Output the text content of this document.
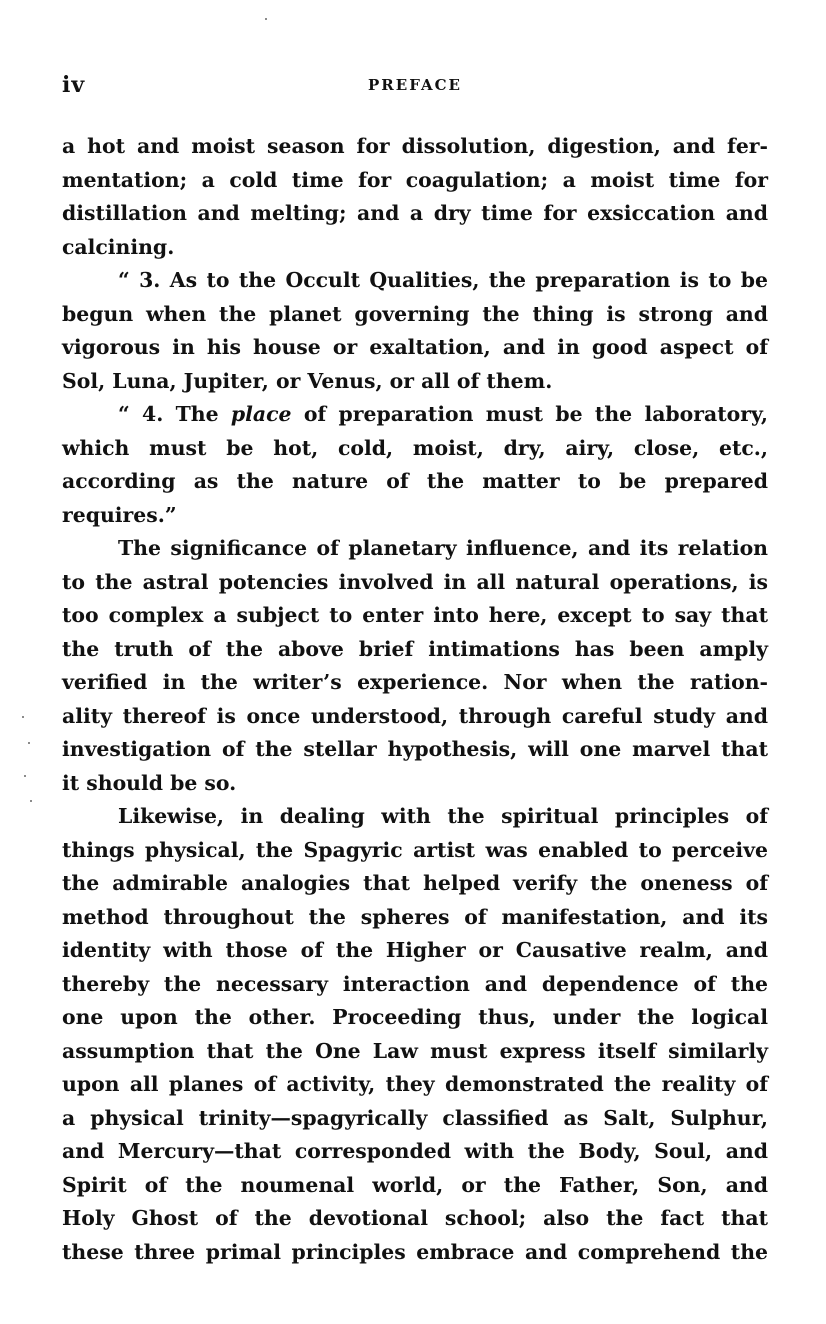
iv	PREFACE
a hot and moist season for dissolution, digestion, and fer-
mentation; a cold time for coagulation; a moist time for
distillation and melting; and a dry time for exsiccation and
calcining.
“ 3. As to the Occult Qualities, the preparation is to be
begun when the planet governing the thing is strong and
vigorous in his house or exaltation, and in good aspect of
Sol, Luna, Jupiter, or Venus, or all of them.
“ 4. The place of preparation must be the laboratory,
which must be hot, cold, moist, dry, airy, close, etc.,
according as the nature of the matter to be prepared
requires.”
The significance of planetary influence, and its relation
to the astral potencies involved in all natural operations, is
too complex a subject to enter into here, except to say that
the truth of the above brief intimations has been amply
verified in the writer’s experience. Nor when the ration-
ality thereof is once understood, through careful study and
investigation of the stellar hypothesis, will one marvel that
it should be so.
Likewise, in dealing with the spiritual principles of
things physical, the Spagyric artist was enabled to perceive
the admirable analogies that helped verify the oneness of
method throughout the spheres of manifestation, and its
identity with those of the Higher or Causative realm, and
thereby the necessary interaction and dependence of the
one upon the other. Proceeding thus, under the logical
assumption that the One Law must express itself similarly
upon all planes of activity, they demonstrated the reality of
a physical trinity—spagyrically classified as Salt, Sulphur,
and Mercury—that corresponded with the Body, Soul, and
Spirit of the noumenal world, or the Father, Son, and
Holy Ghost of the devotional school; also the fact that
these three primal principles embrace and comprehend the
